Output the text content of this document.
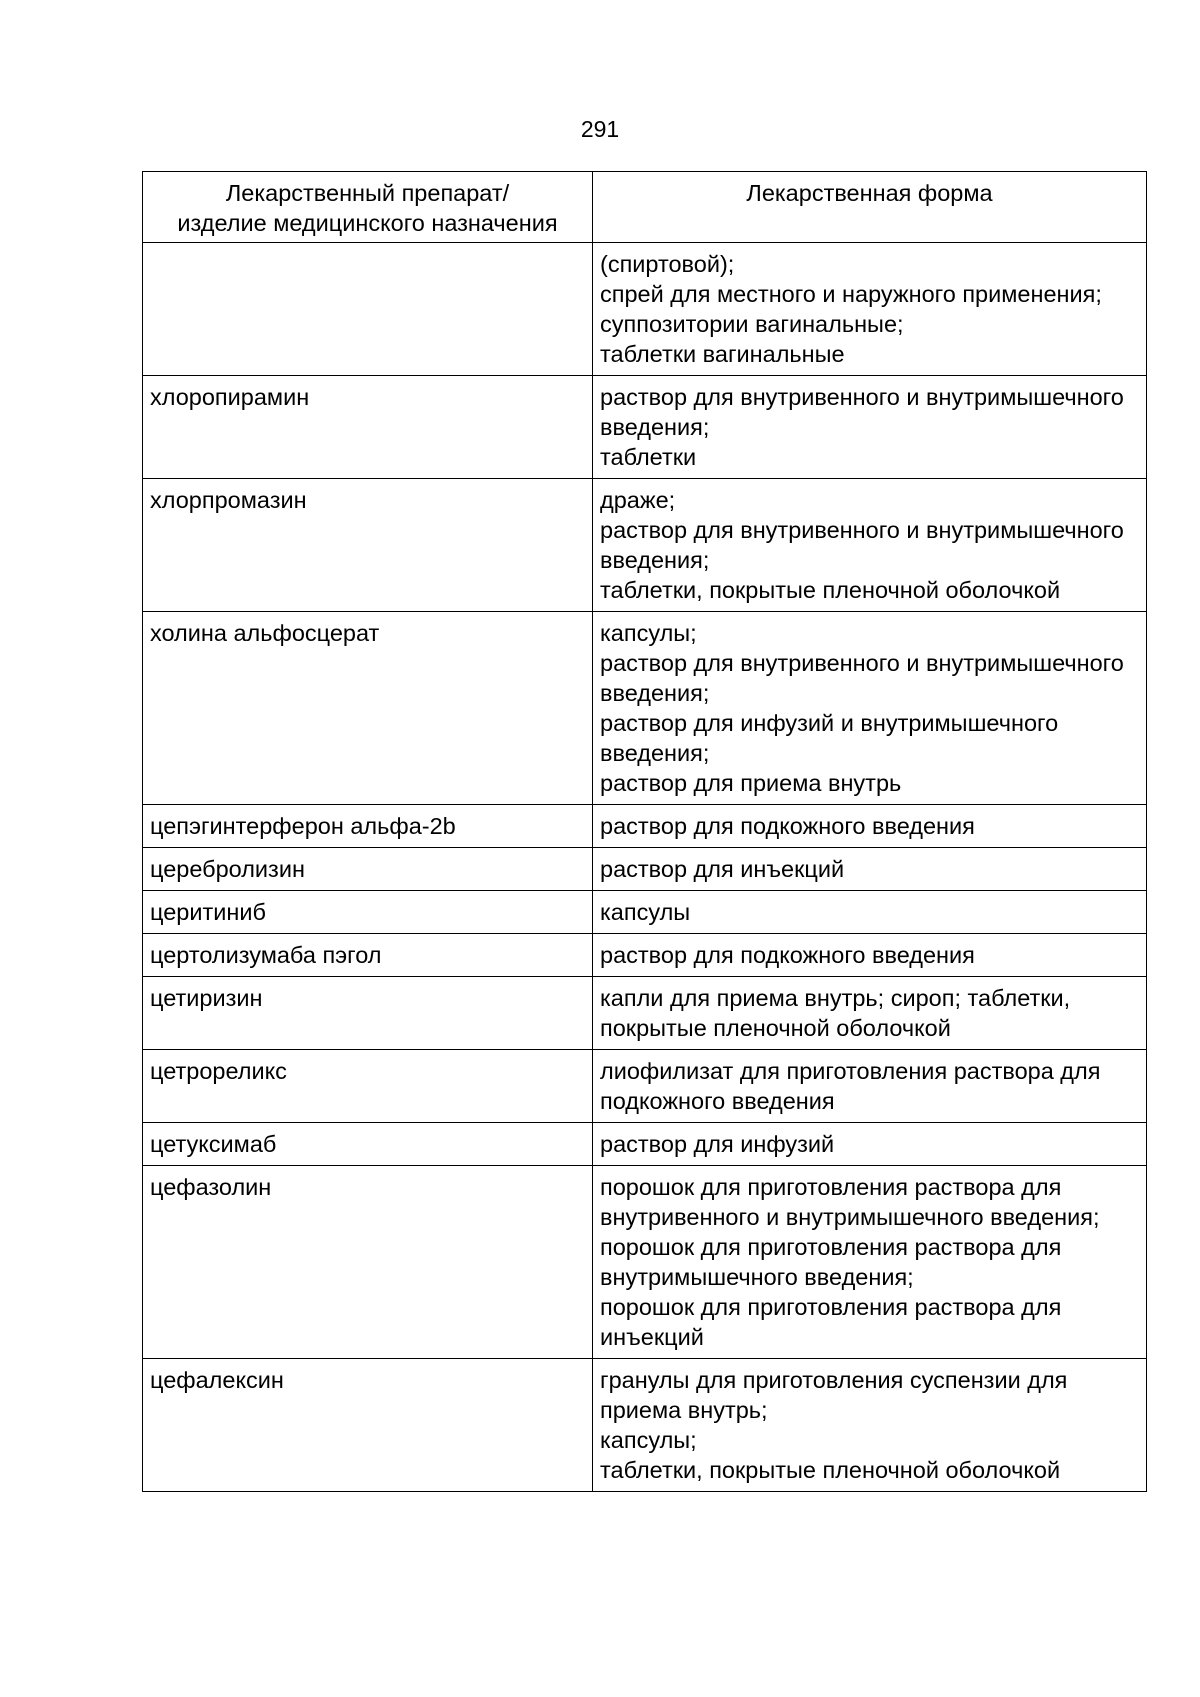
291
Лекарственный препарат/
изделие медицинского назначения	Лекарственная форма
	(спиртовой);
спрей для местного и наружного применения;
суппозитории вагинальные;
таблетки вагинальные
хлоропирамин	раствор для внутривенного и внутримышечного введения;
таблетки
хлорпромазин	драже;
раствор для внутривенного и внутримышечного введения;
таблетки, покрытые пленочной оболочкой
холина альфосцерат	капсулы;
раствор для внутривенного и внутримышечного введения;
раствор для инфузий и внутримышечного введения;
раствор для приема внутрь
цепэгинтерферон альфа-2b	раствор для подкожного введения
церебролизин	раствор для инъекций
церитиниб	капсулы
цертолизумаба пэгол	раствор для подкожного введения
цетиризин	капли для приема внутрь; сироп; таблетки, покрытые пленочной оболочкой
цетрореликс	лиофилизат для приготовления раствора для подкожного введения
цетуксимаб	раствор для инфузий
цефазолин	порошок для приготовления раствора для внутривенного и внутримышечного введения;
порошок для приготовления раствора для внутримышечного введения;
порошок для приготовления раствора для инъекций
цефалексин	гранулы для приготовления суспензии для приема внутрь;
капсулы;
таблетки, покрытые пленочной оболочкой
